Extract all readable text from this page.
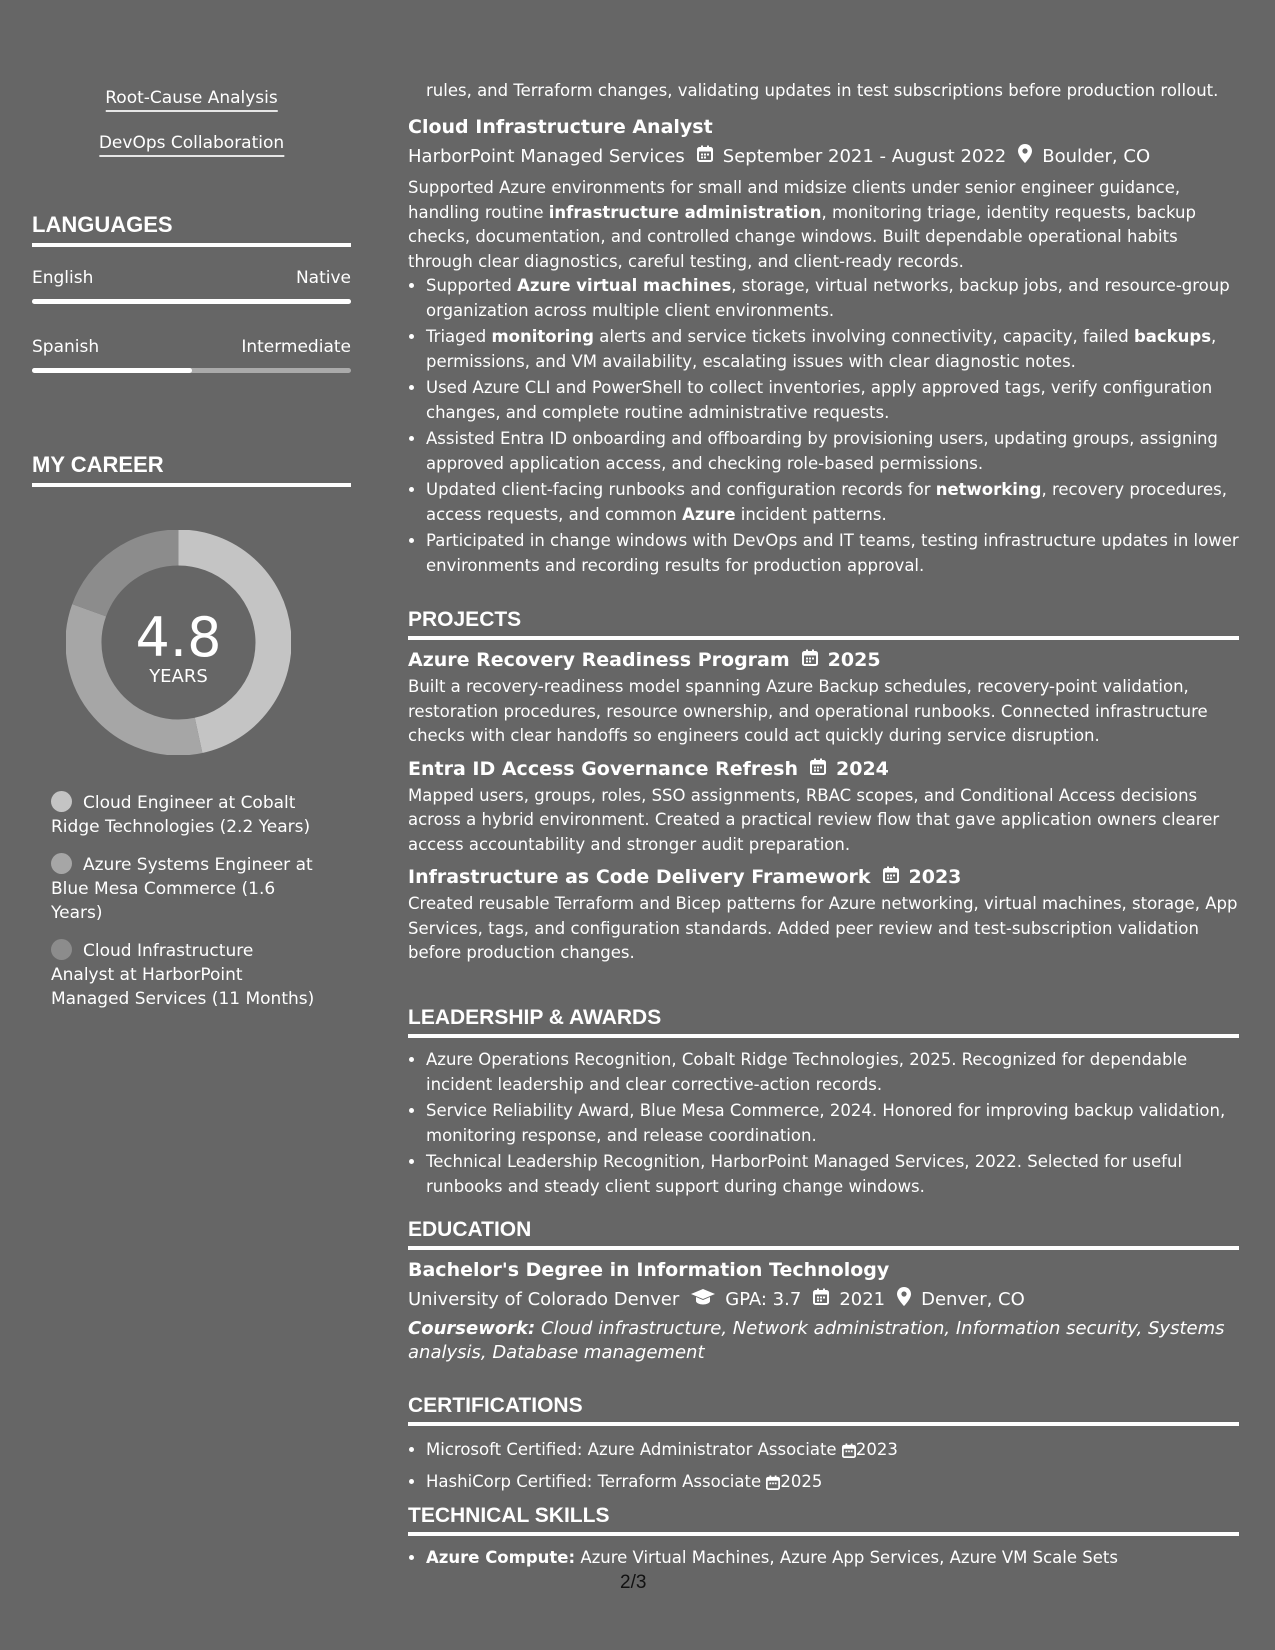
Root-Cause Analysis
DevOps Collaboration
LANGUAGES
English	Native
Spanish	Intermediate
MY CAREER
4.8
YEARS
Cloud Engineer at Cobalt Ridge Technologies (2.2 Years)
Azure Systems Engineer at Blue Mesa Commerce (1.6 Years)
Cloud Infrastructure Analyst at HarborPoint Managed Services (11 Months)
rules, and Terraform changes, validating updates in test subscriptions before production rollout.
Cloud Infrastructure Analyst
HarborPoint Managed Services September 2021 - August 2022 Boulder, CO

Supported Azure environments for small and midsize clients under senior engineer guidance, handling routine infrastructure administration, monitoring triage, identity requests, backup checks, documentation, and controlled change windows. Built dependable operational habits through clear diagnostics, careful testing, and client-ready records.

• Supported Azure virtual machines, storage, virtual networks, backup jobs, and resource-group organization across multiple client environments.
• Triaged monitoring alerts and service tickets involving connectivity, capacity, failed backups, permissions, and VM availability, escalating issues with clear diagnostic notes.
• Used Azure CLI and PowerShell to collect inventories, apply approved tags, verify configuration changes, and complete routine administrative requests.
• Assisted Entra ID onboarding and offboarding by provisioning users, updating groups, assigning approved application access, and checking role-based permissions.
• Updated client-facing runbooks and configuration records for networking, recovery procedures, access requests, and common Azure incident patterns.
• Participated in change windows with DevOps and IT teams, testing infrastructure updates in lower environments and recording results for production approval.
PROJECTS
Azure Recovery Readiness Program 2025

Built a recovery-readiness model spanning Azure Backup schedules, recovery-point validation, restoration procedures, resource ownership, and operational runbooks. Connected infrastructure checks with clear handoffs so engineers could act quickly during service disruption.

Entra ID Access Governance Refresh 2024

Mapped users, groups, roles, SSO assignments, RBAC scopes, and Conditional Access decisions across a hybrid environment. Created a practical review flow that gave application owners clearer access accountability and stronger audit preparation.

Infrastructure as Code Delivery Framework 2023

Created reusable Terraform and Bicep patterns for Azure networking, virtual machines, storage, App Services, tags, and configuration standards. Added peer review and test-subscription validation before production changes.

LEADERSHIP & AWARDS
• Azure Operations Recognition, Cobalt Ridge Technologies, 2025. Recognized for dependable incident leadership and clear corrective-action records.
• Service Reliability Award, Blue Mesa Commerce, 2024. Honored for improving backup validation, monitoring response, and release coordination.
• Technical Leadership Recognition, HarborPoint Managed Services, 2022. Selected for useful runbooks and steady client support during change windows.
EDUCATION
Bachelor's Degree in Information Technology
University of Colorado Denver	GPA: 3.7 2021 Denver, CO

Coursework: Cloud infrastructure, Network administration, Information security, Systems analysis, Database management

CERTIFICATIONS
• Microsoft Certified: Azure Administrator Associate 2023
• HashiCorp Certified: Terraform Associate 2025
TECHNICAL SKILLS
• Azure Compute: Azure Virtual Machines, Azure App Services, Azure VM Scale Sets
2/3
